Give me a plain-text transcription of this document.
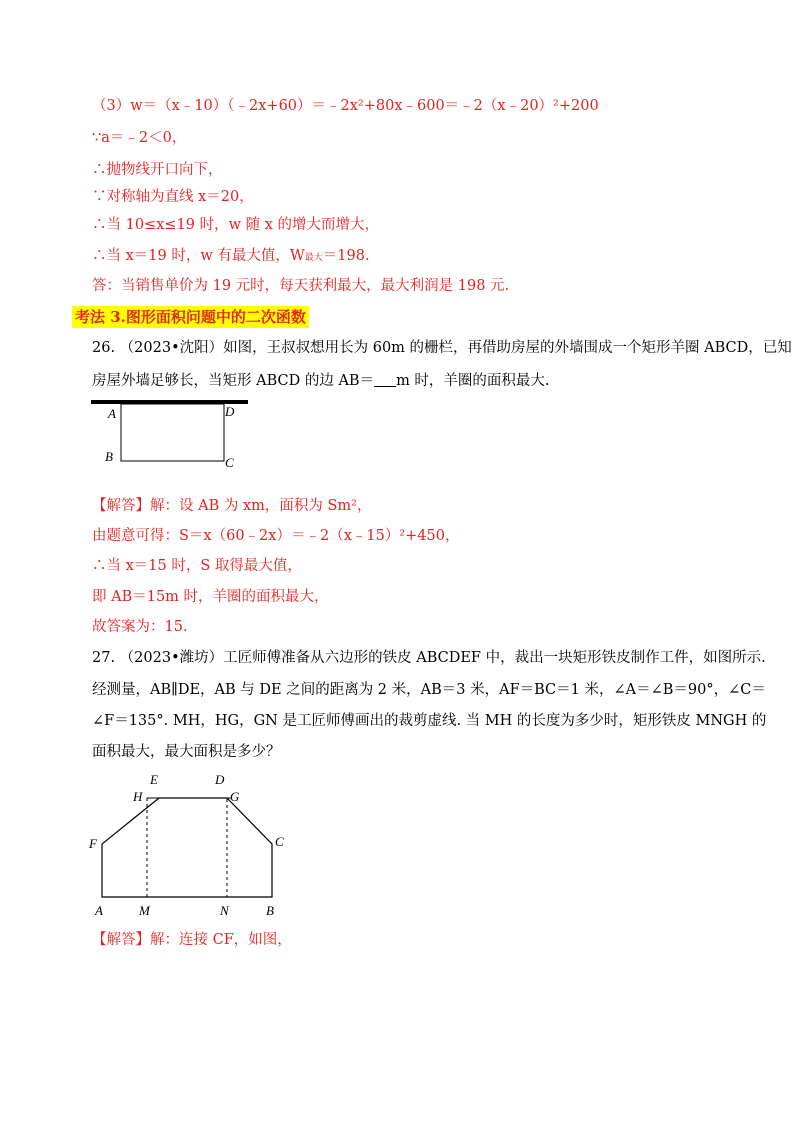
（3）w＝（x﹣10）（﹣2x+60）＝﹣2x²+80x﹣600＝﹣2（x﹣20）²+200
∵a＝﹣2＜0，
∴抛物线开口向下，
∵对称轴为直线 x＝20，
∴当 10≤x≤19 时，w 随 x 的增大而增大，
∴当 x＝19 时，w 有最大值，W最大＝198.
答：当销售单价为 19 元时，每天获利最大，最大利润是 198 元.
考法 3.图形面积问题中的二次函数
26. （2023•沈阳）如图，王叔叔想用长为 60m 的栅栏，再借助房屋的外墙围成一个矩形羊圈 ABCD，已知
房屋外墙足够长，当矩形 ABCD 的边 AB＝ m 时，羊圈的面积最大.
A	D
B	C
【解答】解：设 AB 为 xm，面积为 Sm²，
由题意可得：S＝x（60﹣2x）＝﹣2（x﹣15）²+450，
∴当 x＝15 时，S 取得最大值，
即 AB＝15m 时，羊圈的面积最大，
故答案为：15.
27. （2023•潍坊）工匠师傅准备从六边形的铁皮 ABCDEF 中，裁出一块矩形铁皮制作工件，如图所示.
经测量，AB∥DE，AB 与 DE 之间的距离为 2 米，AB＝3 米，AF＝BC＝1 米，∠A＝∠B＝90°，∠C＝
∠F＝135°. MH，HG，GN 是工匠师傅画出的裁剪虚线. 当 MH 的长度为多少时，矩形铁皮 MNGH 的
面积最大，最大面积是多少？
E	D
H	G
F	C
A	M	N	B
【解答】解：连接 CF，如图，
